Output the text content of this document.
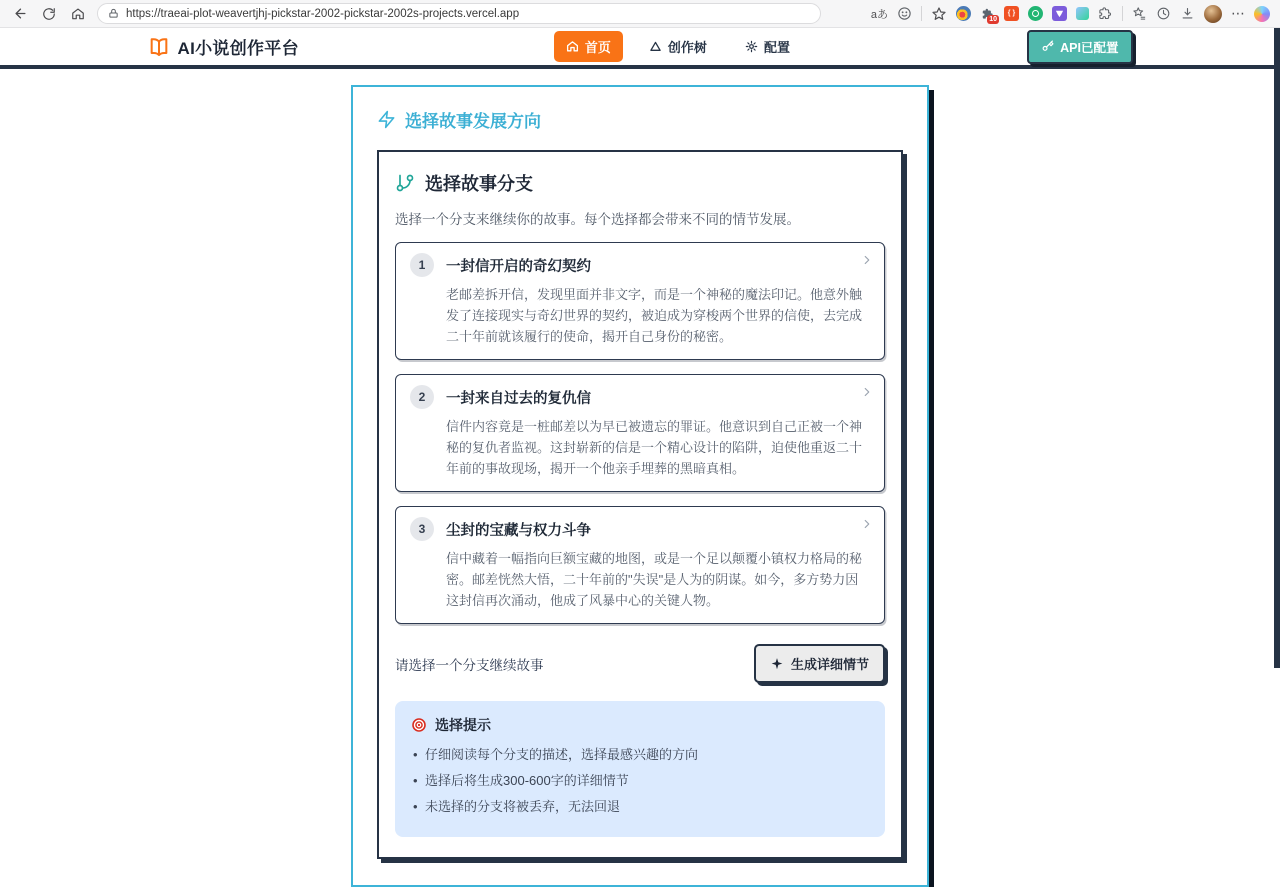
https://traeai-plot-weavertjhj-pickstar-2002-pickstar-2002s-projects.vercel.app	aあ	10
{ }	⋯
AI小说创作平台	首页	创作树	配置	API已配置
选择故事发展方向
选择故事分支

选择一个分支来继续你的故事。每个选择都会带来不同的情节发展。

1	一封信开启的奇幻契约

老邮差拆开信，发现里面并非文字，而是一个神秘的魔法印记。他意外触发了连接现实与奇幻世界的契约，被迫成为穿梭两个世界的信使，去完成二十年前就该履行的使命，揭开自己身份的秘密。

2	一封来自过去的复仇信

信件内容竟是一桩邮差以为早已被遗忘的罪证。他意识到自己正被一个神秘的复仇者监视。这封崭新的信是一个精心设计的陷阱，迫使他重返二十年前的事故现场，揭开一个他亲手埋葬的黑暗真相。

3	尘封的宝藏与权力斗争

信中藏着一幅指向巨额宝藏的地图，或是一个足以颠覆小镇权力格局的秘密。邮差恍然大悟，二十年前的"失误"是人为的阴谋。如今，多方势力因这封信再次涌动，他成了风暴中心的关键人物。

请选择一个分支继续故事	生成详细情节
选择提示
• 仔细阅读每个分支的描述，选择最感兴趣的方向
• 选择后将生成300-600字的详细情节
• 未选择的分支将被丢弃，无法回退
